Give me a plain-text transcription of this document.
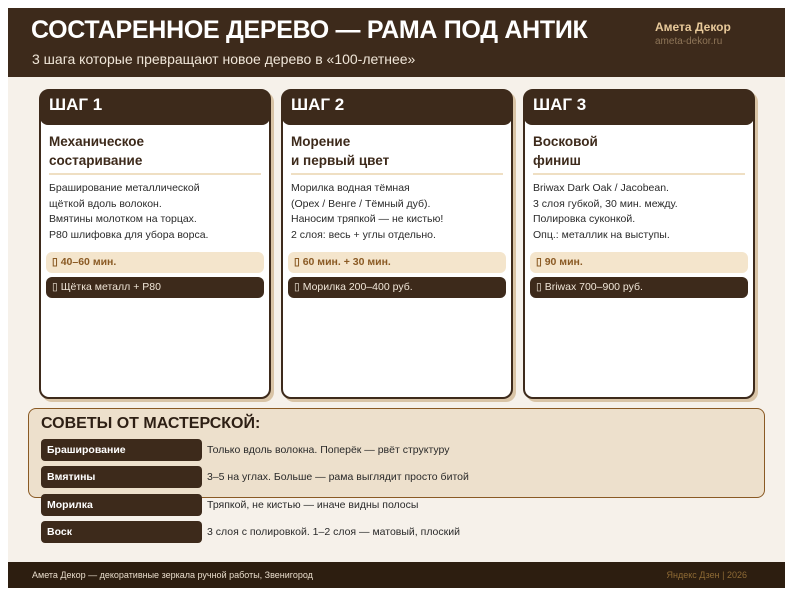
СОСТАРЕННОЕ ДЕРЕВО — РАМА ПОД АНТИК
3 шага которые превращают новое дерево в «100-летнее»
Амета Декор
ameta-dekor.ru
ШАГ 1
Механическое
состаривание
Браширование металлической
щёткой вдоль волокон.
Вмятины молотком на торцах.
P80 шлифовка для убора ворса.
▯ 40–60 мин.
▯ Щётка металл + P80
ШАГ 2
Морение
и первый цвет
Морилка водная тёмная
(Орех / Венге / Тёмный дуб).
Наносим тряпкой — не кистью!
2 слоя: весь + углы отдельно.
▯ 60 мин. + 30 мин.
▯ Морилка 200–400 руб.
ШАГ 3
Восковой
финиш
Briwax Dark Oak / Jacobean.
3 слоя губкой, 30 мин. между.
Полировка суконкой.
Опц.: металлик на выступы.
▯ 90 мин.
▯ Briwax 700–900 руб.
СОВЕТЫ ОТ МАСТЕРСКОЙ:
Браширование	Только вдоль волокна. Поперёк — рвёт структуру
Вмятины	3–5 на углах. Больше — рама выглядит просто битой
Морилка	Тряпкой, не кистью — иначе видны полосы
Воск	3 слоя с полировкой. 1–2 слоя — матовый, плоский
Амета Декор — декоративные зеркала ручной работы, Звенигород	Яндекс Дзен | 2026
